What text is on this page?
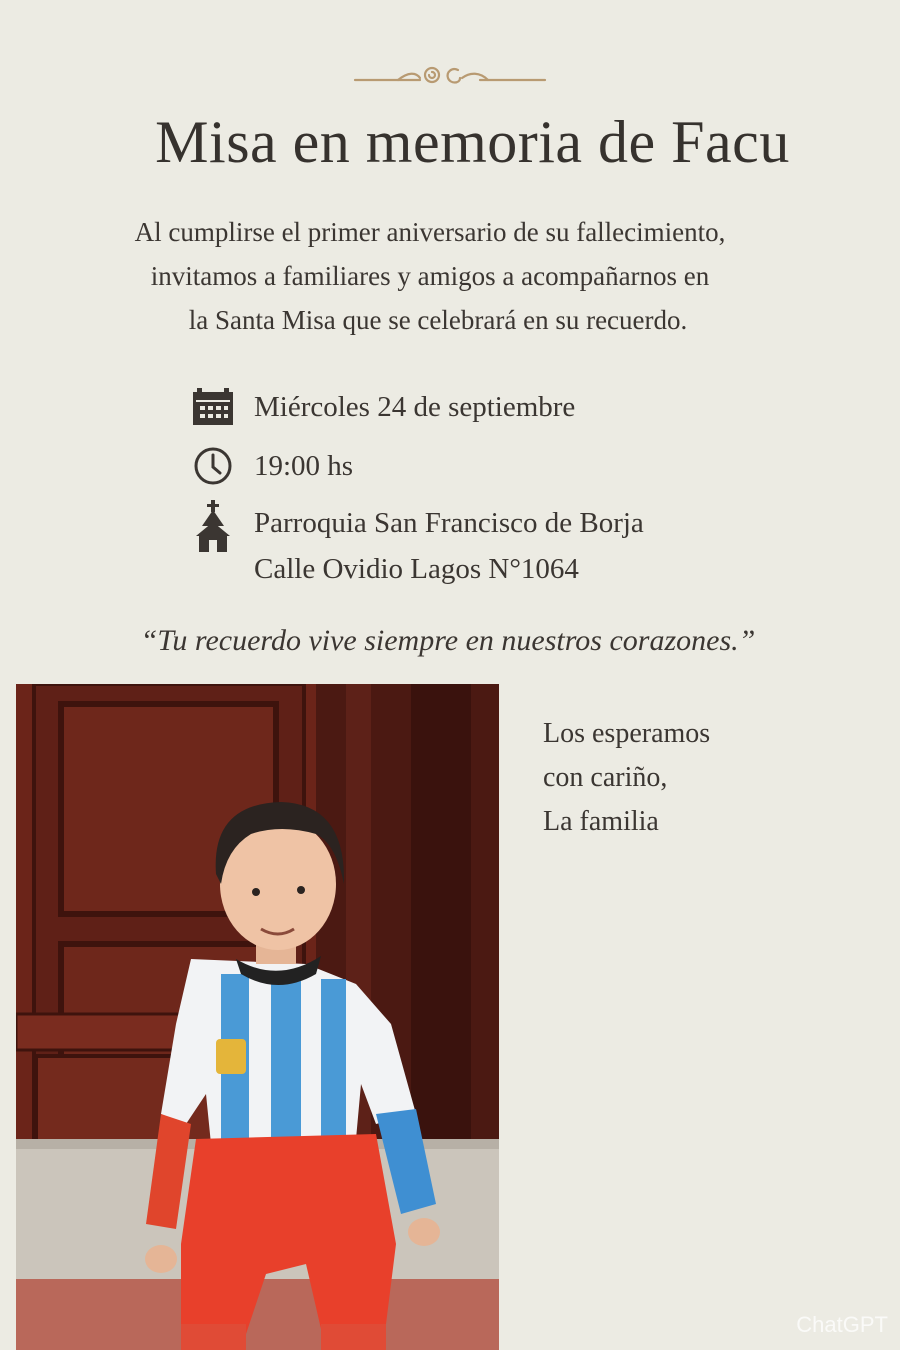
Misa en memoria de Facu
Al cumplirse el primer aniversario de su fallecimiento,
invitamos a familiares y amigos a acompañarnos en
la Santa Misa que se celebrará en su recuerdo.
Miércoles 24 de septiembre
19:00 hs
Parroquia San Francisco de Borja
Calle Ovidio Lagos N°1064
“Tu recuerdo vive siempre en nuestros corazones.”
Los esperamos
con cariño,
La familia
ChatGPT
